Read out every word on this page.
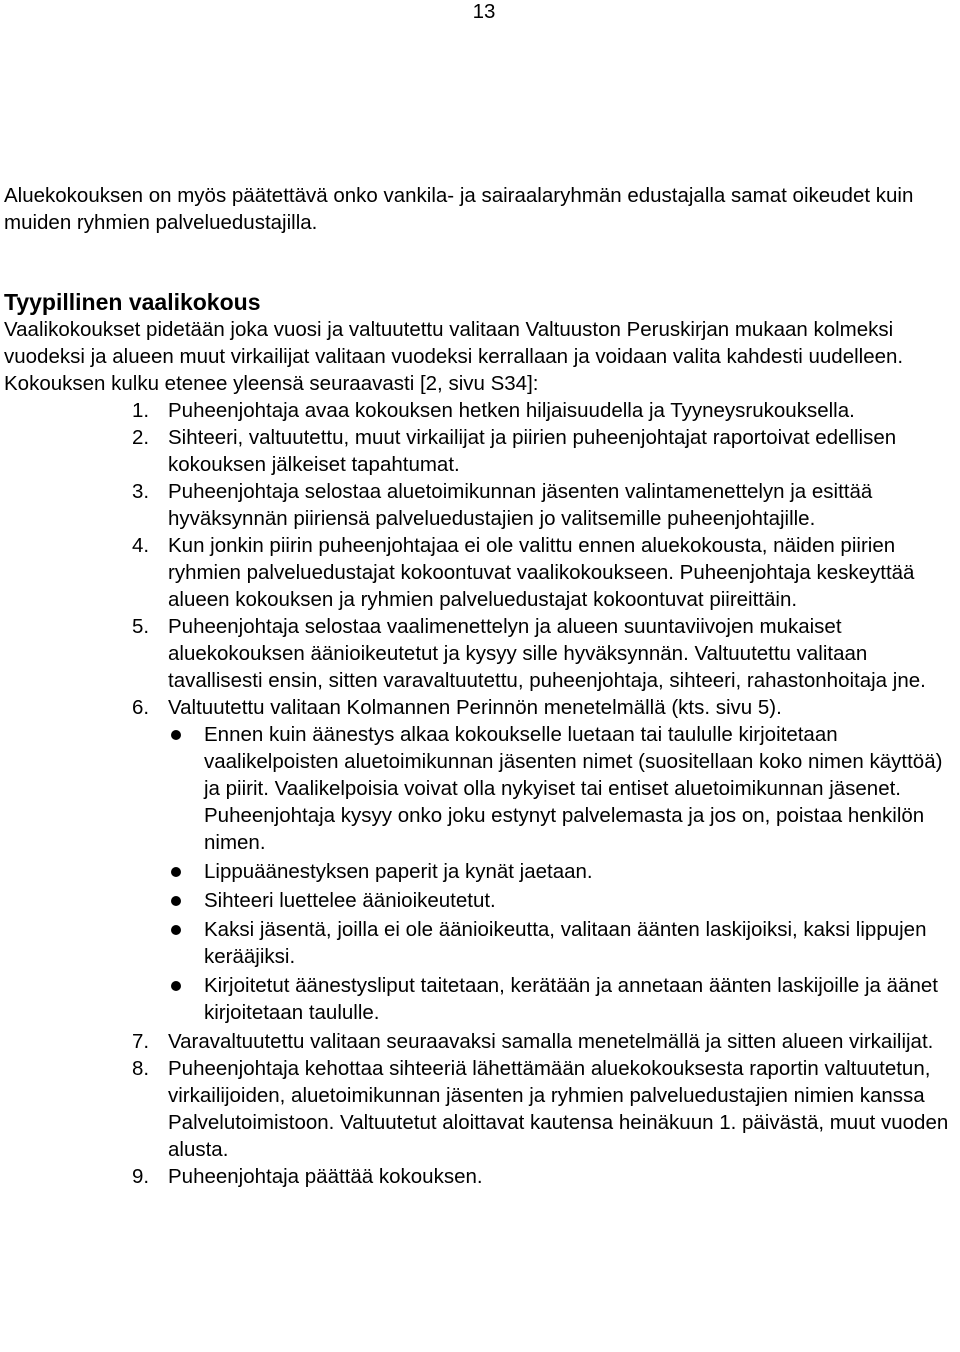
13

Aluekokouksen on myös päätettävä onko vankila- ja sairaalaryhmän edustajalla samat oikeudet kuin muiden ryhmien palveluedustajilla.

Tyypillinen vaalikokous

Vaalikokoukset pidetään joka vuosi ja valtuutettu valitaan Valtuuston Peruskirjan mukaan kolmeksi vuodeksi ja alueen muut virkailijat valitaan vuodeksi kerrallaan ja voidaan valita kahdesti uudelleen. Kokouksen kulku etenee yleensä seuraavasti [2, sivu S34]:

1. Puheenjohtaja avaa kokouksen hetken hiljaisuudella ja Tyyneysrukouksella.
2. Sihteeri, valtuutettu, muut virkailijat ja piirien puheenjohtajat raportoivat edellisen kokouksen jälkeiset tapahtumat.
3. Puheenjohtaja selostaa aluetoimikunnan jäsenten valintamenettelyn ja esittää hyväksynnän piiriensä palveluedustajien jo valitsemille puheenjohtajille.
4. Kun jonkin piirin puheenjohtajaa ei ole valittu ennen aluekokousta, näiden piirien ryhmien palveluedustajat kokoontuvat vaalikokoukseen. Puheenjohtaja keskeyttää alueen kokouksen ja ryhmien palveluedustajat kokoontuvat piireittäin.
5. Puheenjohtaja selostaa vaalimenettelyn ja alueen suuntaviivojen mukaiset aluekokouksen äänioikeutetut ja kysyy sille hyväksynnän. Valtuutettu valitaan tavallisesti ensin, sitten varavaltuutettu, puheenjohtaja, sihteeri, rahastonhoitaja jne.
6. Valtuutettu valitaan Kolmannen Perinnön menetelmällä (kts. sivu 5).
Ennen kuin äänestys alkaa kokoukselle luetaan tai taululle kirjoitetaan vaalikelpoisten aluetoimikunnan jäsenten nimet (suositellaan koko nimen käyttöä) ja piirit. Vaalikelpoisia voivat olla nykyiset tai entiset aluetoimikunnan jäsenet. Puheenjohtaja kysyy onko joku estynyt palvelemasta ja jos on, poistaa henkilön nimen.
Lippuäänestyksen paperit ja kynät jaetaan.
Sihteeri luettelee äänioikeutetut.
Kaksi jäsentä, joilla ei ole äänioikeutta, valitaan äänten laskijoiksi, kaksi lippujen kerääjiksi.
Kirjoitetut äänestysliput taitetaan, kerätään ja annetaan äänten laskijoille ja äänet kirjoitetaan taululle.
7. Varavaltuutettu valitaan seuraavaksi samalla menetelmällä ja sitten alueen virkailijat.
8. Puheenjohtaja kehottaa sihteeriä lähettämään aluekokouksesta raportin valtuutetun, virkailijoiden, aluetoimikunnan jäsenten ja ryhmien palveluedustajien nimien kanssa Palvelutoimistoon. Valtuutetut aloittavat kautensa heinäkuun 1. päivästä, muut vuoden alusta.
9. Puheenjohtaja päättää kokouksen.
